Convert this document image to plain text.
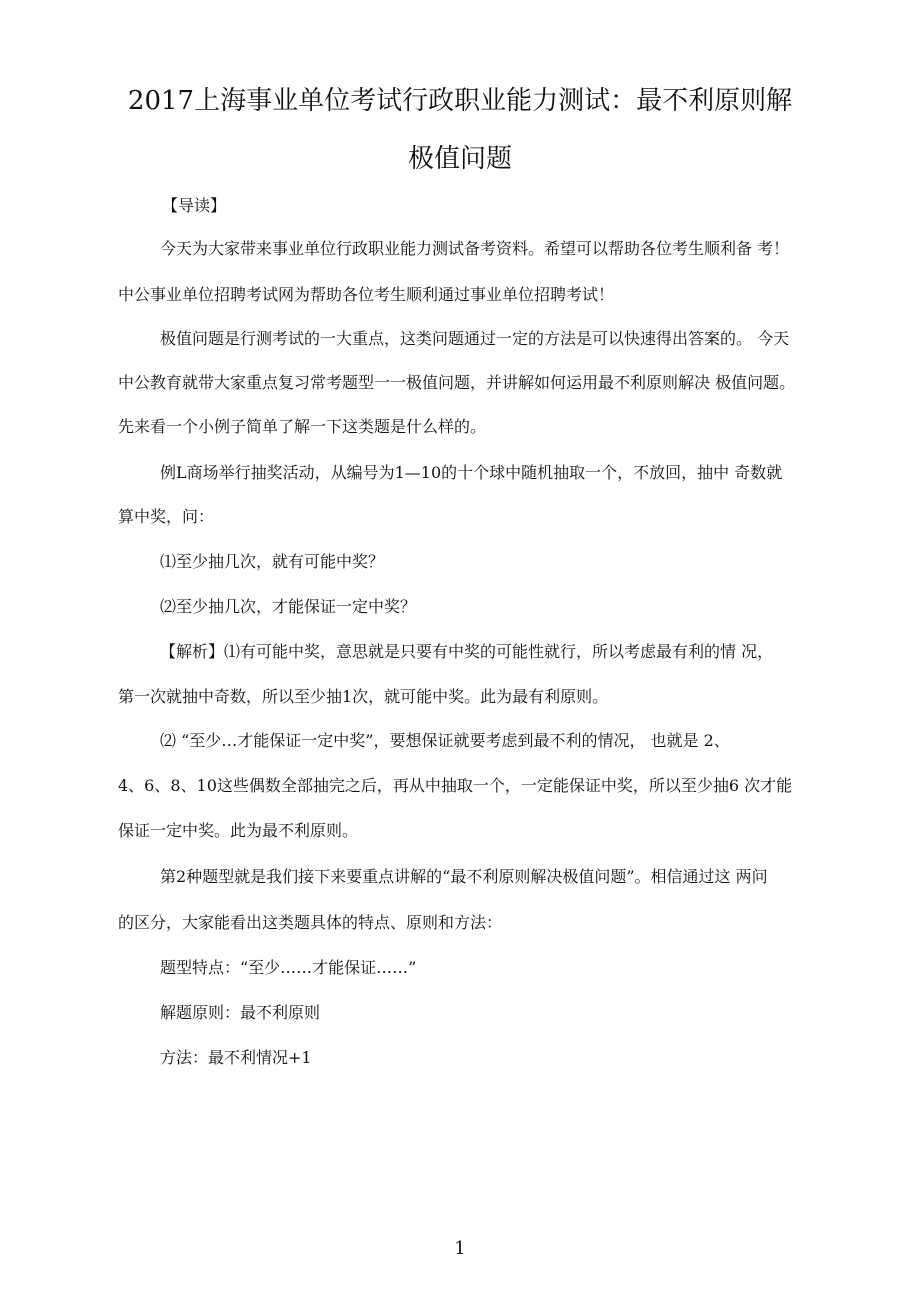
2017上海事业单位考试行政职业能力测试：最不利原则解
极值问题
【导读】
今天为大家带来事业单位行政职业能力测试备考资料。希望可以帮助各位考生顺利备 考！
中公事业单位招聘考试网为帮助各位考生顺利通过事业单位招聘考试！
极值问题是行测考试的一大重点，这类问题通过一定的方法是可以快速得出答案的。 今天
中公教育就带大家重点复习常考题型一一极值问题，并讲解如何运用最不利原则解决 极值问题。
先来看一个小例子简单了解一下这类题是什么样的。
例L商场举行抽奖活动，从编号为1—10的十个球中随机抽取一个，不放回，抽中 奇数就
算中奖，问：
⑴至少抽几次，就有可能中奖？
⑵至少抽几次，才能保证一定中奖？
【解析】⑴有可能中奖，意思就是只要有中奖的可能性就行，所以考虑最有利的情 况，
第一次就抽中奇数，所以至少抽1次，就可能中奖。此为最有利原则。
⑵ “至少…才能保证一定中奖”，要想保证就要考虑到最不利的情况， 也就是 2、
4、6、8、10这些偶数全部抽完之后，再从中抽取一个，一定能保证中奖，所以至少抽6 次才能
保证一定中奖。此为最不利原则。
第2种题型就是我们接下来要重点讲解的“最不利原则解决极值问题”。相信通过这 两问
的区分，大家能看出这类题具体的特点、原则和方法：
题型特点：“至少……才能保证……”
解题原则：最不利原则
方法：最不利情况+1
1
